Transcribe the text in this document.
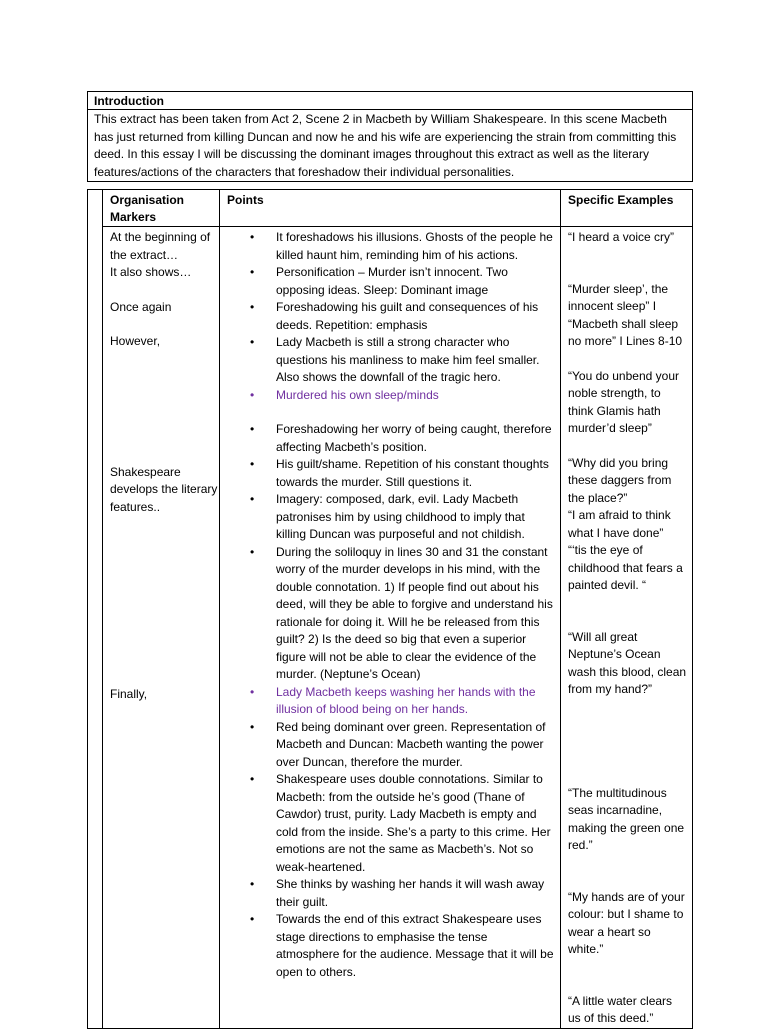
Introduction
This extract has been taken from Act 2, Scene 2 in Macbeth by William Shakespeare. In this scene Macbeth has just returned from killing Duncan and now he and his wife are experiencing the strain from committing this deed. In this essay I will be discussing the dominant images throughout this extract as well as the literary features/actions of the characters that foreshadow their individual personalities.
Organisation Markers
Points	Specific Examples

At the beginning of the extract…

It also shows…

Once again

However,

Shakespeare develops the literary features..

Finally,

• It foreshadows his illusions. Ghosts of the people he killed haunt him, reminding him of his actions.
• Personification – Murder isn’t innocent. Two opposing ideas. Sleep: Dominant image
• Foreshadowing his guilt and consequences of his deeds. Repetition: emphasis
• Lady Macbeth is still a strong character who questions his manliness to make him feel smaller. Also shows the downfall of the tragic hero.
• Murdered his own sleep/minds
• Foreshadowing her worry of being caught, therefore affecting Macbeth’s position.
• His guilt/shame. Repetition of his constant thoughts towards the murder. Still questions it.
• Imagery: composed, dark, evil. Lady Macbeth patronises him by using childhood to imply that killing Duncan was purposeful and not childish.
• During the soliloquy in lines 30 and 31 the constant worry of the murder develops in his mind, with the double connotation. 1) If people find out about his deed, will they be able to forgive and understand his rationale for doing it. Will he be released from this guilt? 2) Is the deed so big that even a superior figure will not be able to clear the evidence of the murder. (Neptune’s Ocean)
• Lady Macbeth keeps washing her hands with the illusion of blood being on her hands.
• Red being dominant over green. Representation of Macbeth and Duncan: Macbeth wanting the power over Duncan, therefore the murder.
• Shakespeare uses double connotations. Similar to Macbeth: from the outside he’s good (Thane of Cawdor) trust, purity. Lady Macbeth is empty and cold from the inside. She’s a party to this crime. Her emotions are not the same as Macbeth’s. Not so weak-heartened.
• She thinks by washing her hands it will wash away their guilt.
• Towards the end of this extract Shakespeare uses stage directions to emphasise the tense atmosphere for the audience. Message that it will be open to others.

“I heard a voice cry”

“Murder sleep’, the innocent sleep” I “Macbeth shall sleep no more” I Lines 8-10

“You do unbend your noble strength, to think Glamis hath murder’d sleep”

“Why did you bring these daggers from the place?”

“I am afraid to think what I have done”

“‘tis the eye of childhood that fears a painted devil. “

“Will all great Neptune’s Ocean wash this blood, clean from my hand?”

“The multitudinous seas incarnadine, making the green one red.”

“My hands are of your colour: but I shame to wear a heart so white.”

“A little water clears us of this deed.”
